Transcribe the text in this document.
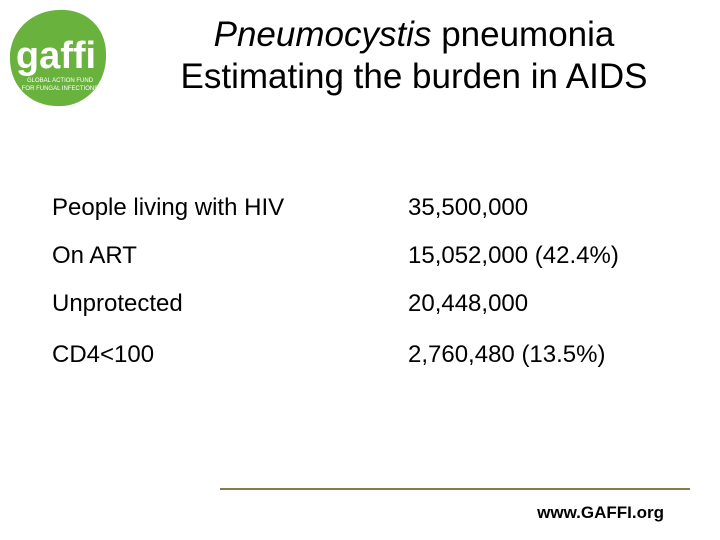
gaffi
GLOBAL ACTION FUND
FOR FUNGAL INFECTIONS
Pneumocystis pneumonia
Estimating the burden in AIDS
People living with HIV	35,500,000
On ART	15,052,000 (42.4%)
Unprotected	20,448,000
CD4<100	2,760,480 (13.5%)
www.GAFFI.org
